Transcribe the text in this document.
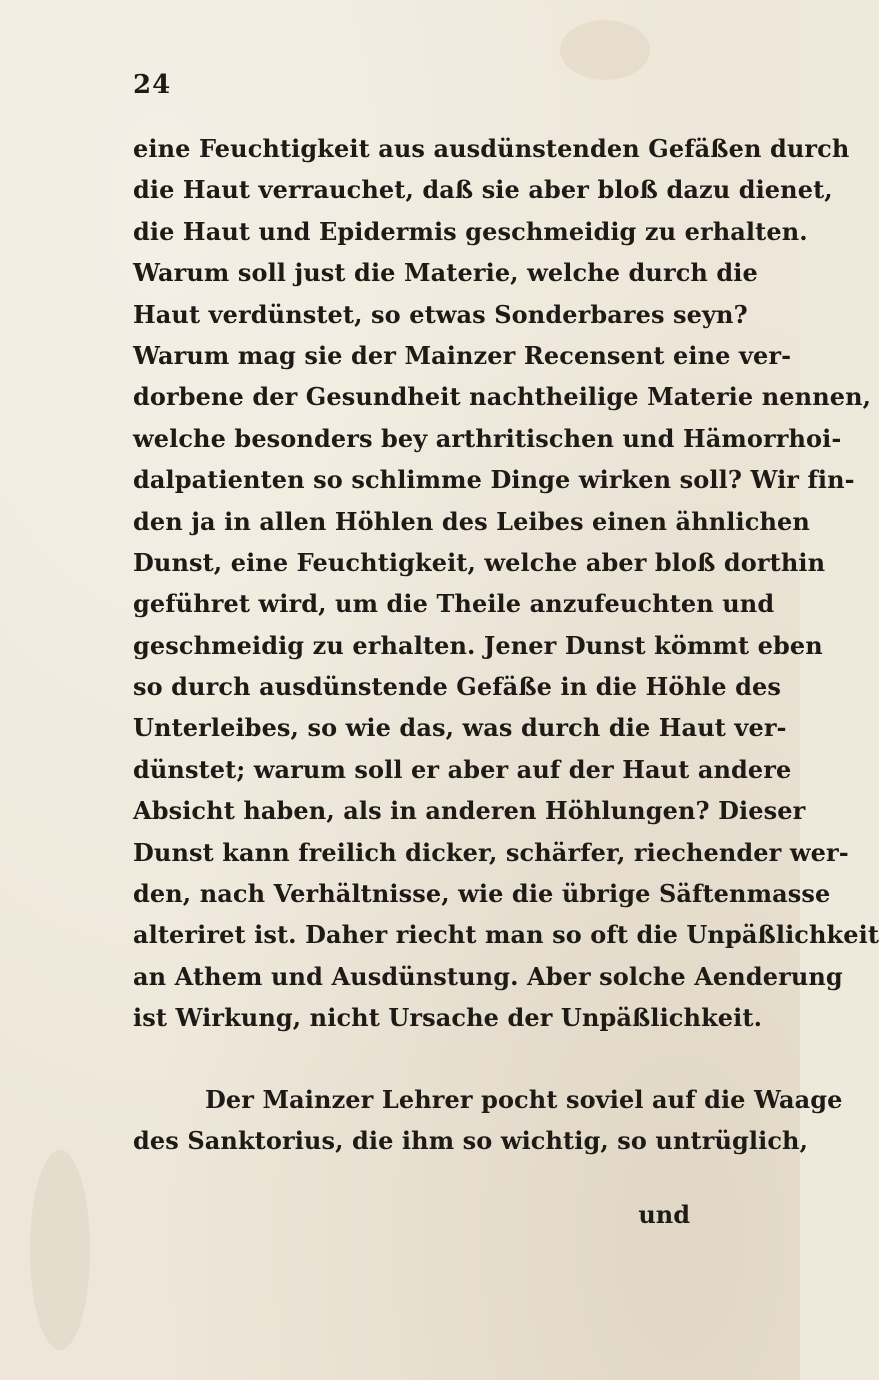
24
eine Feuchtigkeit aus ausdünstenden Gefäßen durch
die Haut verrauchet, daß sie aber bloß dazu dienet,
die Haut und Epidermis geschmeidig zu erhalten.
Warum soll just die Materie, welche durch die
Haut verdünstet, so etwas Sonderbares seyn?
Warum mag sie der Mainzer Recensent eine ver-
dorbene der Gesundheit nachtheilige Materie nennen,
welche besonders bey arthritischen und Hämorrhoi-
dalpatienten so schlimme Dinge wirken soll? Wir fin-
den ja in allen Höhlen des Leibes einen ähnlichen
Dunst, eine Feuchtigkeit, welche aber bloß dorthin
geführet wird, um die Theile anzufeuchten und
geschmeidig zu erhalten. Jener Dunst kömmt eben
so durch ausdünstende Gefäße in die Höhle des
Unterleibes, so wie das, was durch die Haut ver-
dünstet; warum soll er aber auf der Haut andere
Absicht haben, als in anderen Höhlungen? Dieser
Dunst kann freilich dicker, schärfer, riechender wer-
den, nach Verhältnisse, wie die übrige Säftenmasse
alteriret ist. Daher riecht man so oft die Unpäßlichkeit
an Athem und Ausdünstung. Aber solche Aenderung
ist Wirkung, nicht Ursache der Unpäßlichkeit.
Der Mainzer Lehrer pocht soviel auf die Waage
des Sanktorius, die ihm so wichtig, so untrüglich,
und
